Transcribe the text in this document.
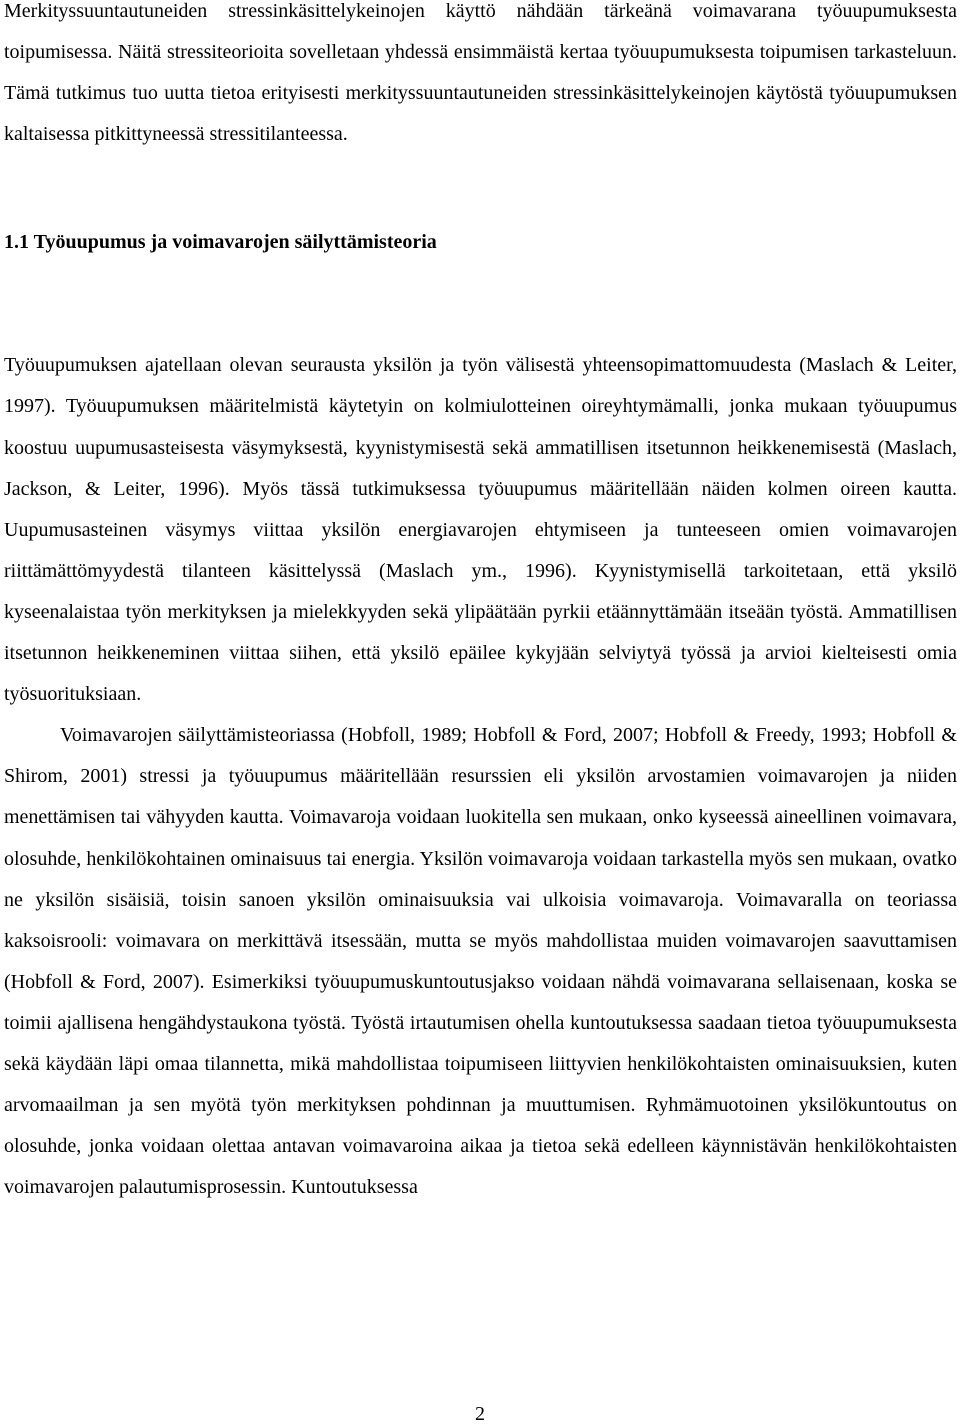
Merkityssuuntautuneiden stressinkäsittelykeinojen käyttö nähdään tärkeänä voimavarana työuupumuksesta toipumisessa. Näitä stressiteorioita sovelletaan yhdessä ensimmäistä kertaa työuupumuksesta toipumisen tarkasteluun. Tämä tutkimus tuo uutta tietoa erityisesti merkityssuuntautuneiden stressinkäsittelykeinojen käytöstä työuupumuksen kaltaisessa pitkittyneessä stressitilanteessa.

1.1 Työuupumus ja voimavarojen säilyttämisteoria

Työuupumuksen ajatellaan olevan seurausta yksilön ja työn välisestä yhteensopimattomuudesta (Maslach & Leiter, 1997). Työuupumuksen määritelmistä käytetyin on kolmiulotteinen oireyhtymämalli, jonka mukaan työuupumus koostuu uupumusasteisesta väsymyksestä, kyynistymisestä sekä ammatillisen itsetunnon heikkenemisestä (Maslach, Jackson, & Leiter, 1996). Myös tässä tutkimuksessa työuupumus määritellään näiden kolmen oireen kautta. Uupumusasteinen väsymys viittaa yksilön energiavarojen ehtymiseen ja tunteeseen omien voimavarojen riittämättömyydestä tilanteen käsittelyssä (Maslach ym., 1996). Kyynistymisellä tarkoitetaan, että yksilö kyseenalaistaa työn merkityksen ja mielekkyyden sekä ylipäätään pyrkii etäännyttämään itseään työstä. Ammatillisen itsetunnon heikkeneminen viittaa siihen, että yksilö epäilee kykyjään selviytyä työssä ja arvioi kielteisesti omia työsuorituksiaan.

Voimavarojen säilyttämisteoriassa (Hobfoll, 1989; Hobfoll & Ford, 2007; Hobfoll & Freedy, 1993; Hobfoll & Shirom, 2001) stressi ja työuupumus määritellään resurssien eli yksilön arvostamien voimavarojen ja niiden menettämisen tai vähyyden kautta. Voimavaroja voidaan luokitella sen mukaan, onko kyseessä aineellinen voimavara, olosuhde, henkilökohtainen ominaisuus tai energia. Yksilön voimavaroja voidaan tarkastella myös sen mukaan, ovatko ne yksilön sisäisiä, toisin sanoen yksilön ominaisuuksia vai ulkoisia voimavaroja. Voimavaralla on teoriassa kaksoisrooli: voimavara on merkittävä itsessään, mutta se myös mahdollistaa muiden voimavarojen saavuttamisen (Hobfoll & Ford, 2007). Esimerkiksi työuupumuskuntoutusjakso voidaan nähdä voimavarana sellaisenaan, koska se toimii ajallisena hengähdystaukona työstä. Työstä irtautumisen ohella kuntoutuksessa saadaan tietoa työuupumuksesta sekä käydään läpi omaa tilannetta, mikä mahdollistaa toipumiseen liittyvien henkilökohtaisten ominaisuuksien, kuten arvomaailman ja sen myötä työn merkityksen pohdinnan ja muuttumisen. Ryhmämuotoinen yksilökuntoutus on olosuhde, jonka voidaan olettaa antavan voimavaroina aikaa ja tietoa sekä edelleen käynnistävän henkilökohtaisten voimavarojen palautumisprosessin. Kuntoutuksessa

2
